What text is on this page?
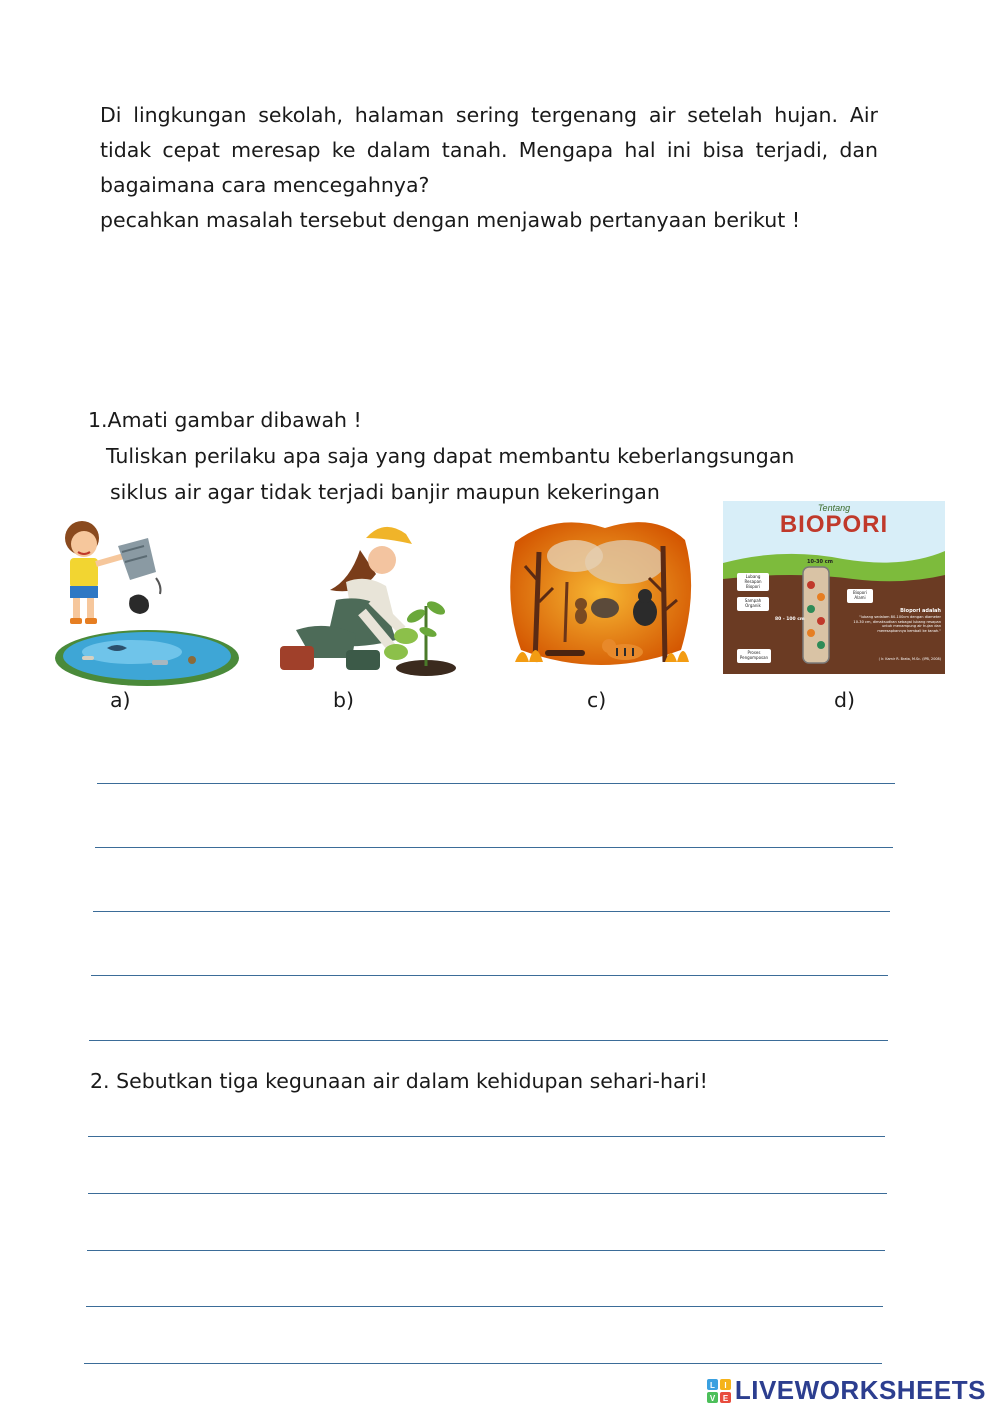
Di lingkungan sekolah, halaman sering tergenang air setelah hujan. Air tidak cepat meresap ke dalam tanah. Mengapa hal ini bisa terjadi, dan bagaimana cara mencegahnya?

pecahkan masalah tersebut dengan menjawab pertanyaan berikut !

1.Amati gambar dibawah !
Tuliskan perilaku apa saja yang dapat membantu keberlangsungan
siklus air agar tidak terjadi banjir maupun kekeringan
Tentang
BIOPORI
10-30 cm
80 - 100 cm
Lubang Resapan Biopori
Sampah Organik
Proses Pengomposan
Biopori Alami
Biopori adalah
"lubang sedalam 80-100cm dengan diameter 10-30 cm, dimaksudkan sebagai lubang resapan untuk menampung air hujan dan meresapkannya kembali ke tanah."
( Ir. Kamir R. Brata, M.Sc. (IPB, 2008)
a)	b)	c)	d)
2. Sebutkan tiga kegunaan air dalam kehidupan sehari-hari!
L I
V E LIVEWORKSHEETS
